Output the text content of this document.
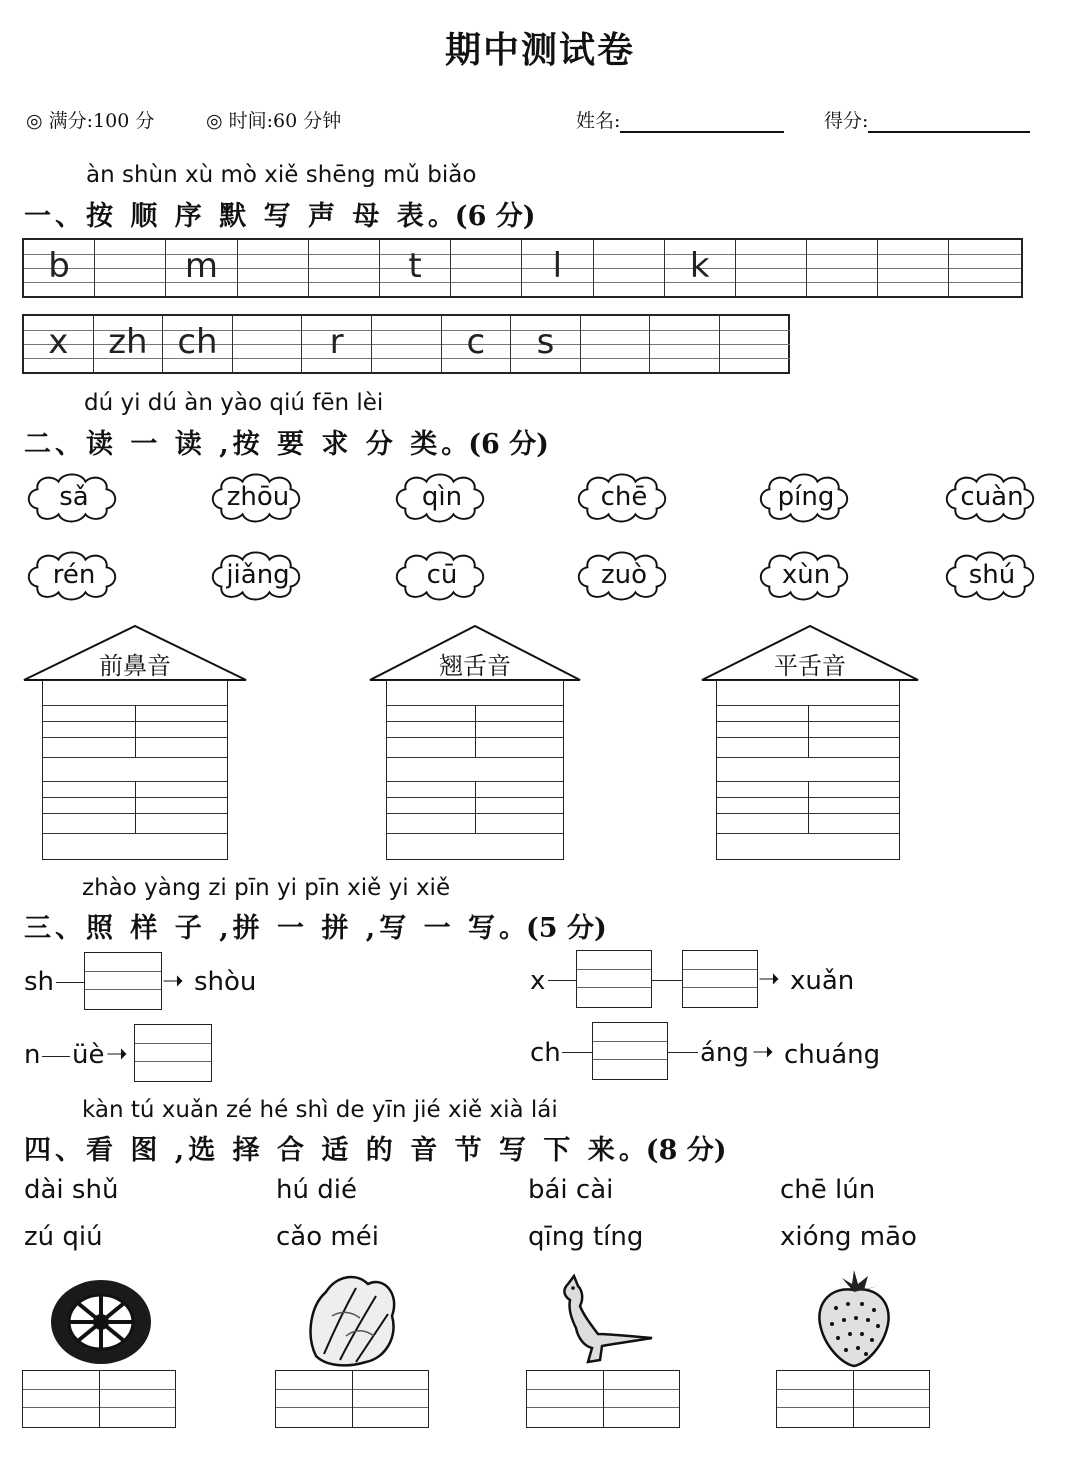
期中测试卷
◎ 满分:100 分	◎ 时间:60 分钟	姓名:	得分:
àn shùn xù mò xiě shēng mǔ biǎo
一、按 顺 序 默 写 声 母 表。(6 分)
b	m	t	l	k
x	zh ch	r	c	s
dú yi dú àn yào qiú fēn lèi
二、读 一 读 ,按 要 求 分 类。(6 分)
sǎ	zhōu	qìn	chē	píng	cuàn
rén	jiǎng	cū	zuò	xùn	shú
前鼻音	翘舌音	平舌音
zhào yàng zi pīn yi pīn xiě yi xiě
三、照 样 子 ,拼 一 拼 ,写 一 写。(5 分)
sh	➝ shòu
n üè ➝
x	➝ xuǎn
ch	áng ➝ chuáng
kàn tú xuǎn zé hé shì de yīn jié xiě xià lái
四、看 图 ,选 择 合 适 的 音 节 写 下 来。(8 分)
dài shǔ	hú dié	bái cài	chē lún
zú qiú	cǎo méi	qīng tíng	xióng māo
